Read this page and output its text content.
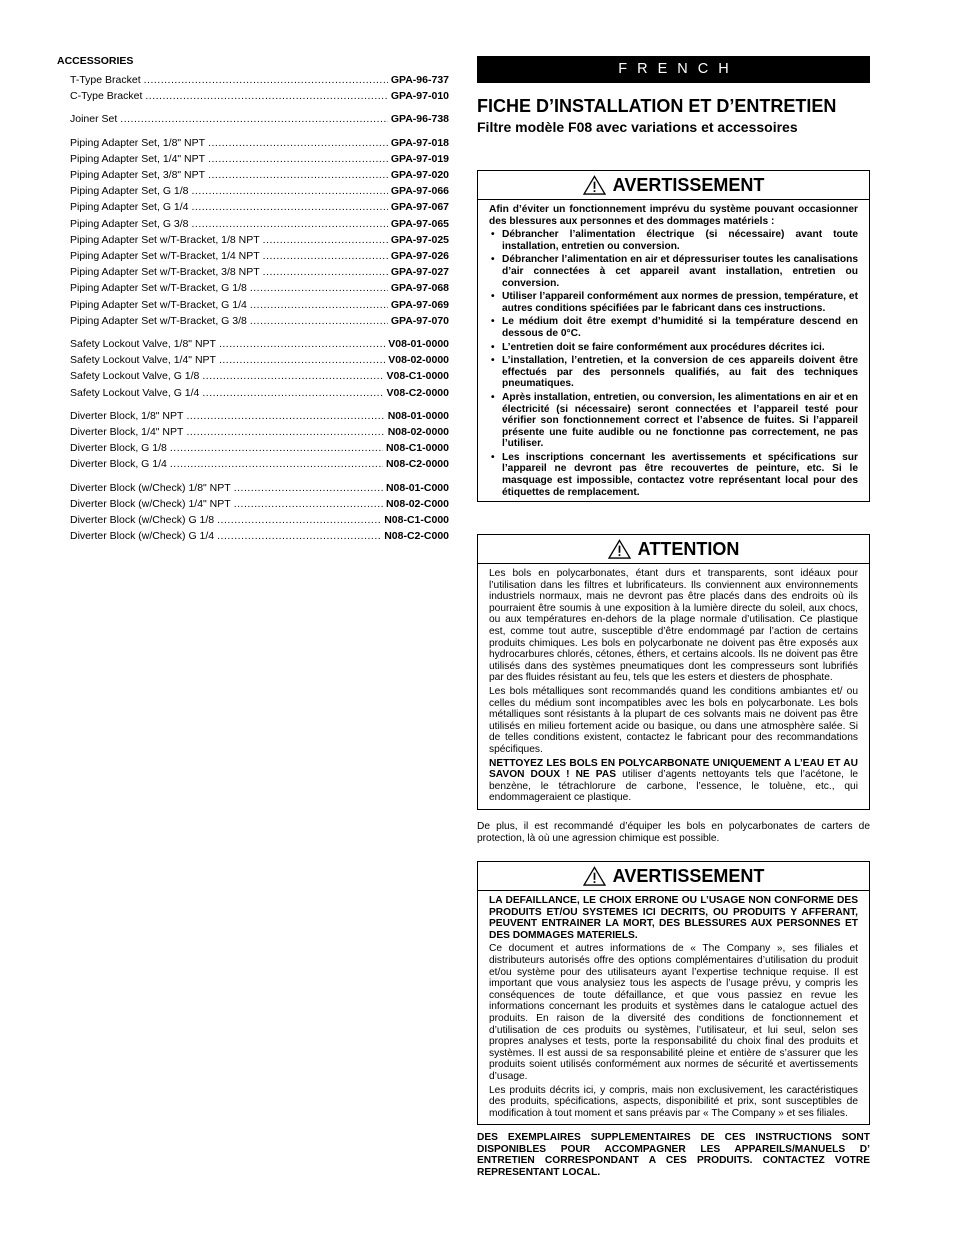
ACCESSORIES
T-Type Bracket .....	GPA-96-737
C-Type Bracket .....	GPA-97-010
Joiner Set .....	GPA-96-738
Piping Adapter Set, 1/8" NPT .....	GPA-97-018
Piping Adapter Set, 1/4" NPT .....	GPA-97-019
Piping Adapter Set, 3/8" NPT .....	GPA-97-020
Piping Adapter Set, G 1/8 .....	GPA-97-066
Piping Adapter Set, G 1/4 .....	GPA-97-067
Piping Adapter Set, G 3/8 .....	GPA-97-065
Piping Adapter Set w/T-Bracket, 1/8 NPT .....	GPA-97-025
Piping Adapter Set w/T-Bracket, 1/4 NPT .....	GPA-97-026
Piping Adapter Set w/T-Bracket, 3/8 NPT .....	GPA-97-027
Piping Adapter Set w/T-Bracket, G 1/8 .....	GPA-97-068
Piping Adapter Set w/T-Bracket, G 1/4 .....	GPA-97-069
Piping Adapter Set w/T-Bracket, G 3/8 .....	GPA-97-070
Safety Lockout Valve, 1/8" NPT .....	V08-01-0000
Safety Lockout Valve, 1/4" NPT .....	V08-02-0000
Safety Lockout Valve, G 1/8 .....	V08-C1-0000
Safety Lockout Valve, G 1/4 .....	V08-C2-0000
Diverter Block, 1/8" NPT .....	N08-01-0000
Diverter Block, 1/4" NPT .....	N08-02-0000
Diverter Block, G 1/8 .....	N08-C1-0000
Diverter Block, G 1/4 .....	N08-C2-0000
Diverter Block (w/Check) 1/8" NPT .....	N08-01-C000
Diverter Block (w/Check) 1/4" NPT .....	N08-02-C000
Diverter Block (w/Check) G 1/8 .....	N08-C1-C000
Diverter Block (w/Check) G 1/4 .....	N08-C2-C000
FRENCH
FICHE D’INSTALLATION ET D’ENTRETIEN
Filtre modèle F08 avec variations et accessoires
AVERTISSEMENT

Afin d’éviter un fonctionnement imprévu du système pouvant occasionner des blessures aux personnes et des dommages matériels :

• Débrancher l’alimentation électrique (si nécessaire) avant toute installation, entretien ou conversion.
• Débrancher l’alimentation en air et dépressuriser toutes les canalisations d’air connectées à cet appareil avant installation, entretien ou conversion.
• Utiliser l’appareil conformément aux normes de pression, température, et autres conditions spécifiées par le fabricant dans ces instructions.
• Le médium doit être exempt d’humidité si la température descend en dessous de 0°C.
• L’entretien doit se faire conformément aux procédures décrites ici.
• L’installation, l’entretien, et la conversion de ces appareils doivent être effectués par des personnels qualifiés, au fait des techniques pneumatiques.
• Après installation, entretien, ou conversion, les alimentations en air et en électricité (si nécessaire) seront connectées et l’appareil testé pour vérifier son fonctionnement correct et l’absence de fuites. Si l’appareil présente une fuite audible ou ne fonctionne pas correctement, ne pas l’utiliser.
• Les inscriptions concernant les avertissements et spécifications sur l’appareil ne devront pas être recouvertes de peinture, etc. Si le masquage est impossible, contactez votre représentant local pour des étiquettes de remplacement.
ATTENTION

Les bols en polycarbonates, étant durs et transparents, sont idéaux pour l’utilisation dans les filtres et lubrificateurs. Ils conviennent aux environnements industriels normaux, mais ne devront pas être placés dans des endroits où ils pourraient être soumis à une exposition à la lumière directe du soleil, aux chocs, ou aux températures en-dehors de la plage normale d’utilisation. Ce plastique est, comme tout autre, susceptible d’être endommagé par l’action de certains produits chimiques. Les bols en polycarbonate ne doivent pas être exposés aux hydrocarbures chlorés, cétones, éthers, et certains alcools. Ils ne doivent pas être utilisés dans des systèmes pneumatiques dont les compresseurs sont lubrifiés par des fluides résistant au feu, tels que les esters et diesters de phosphate.

Les bols métalliques sont recommandés quand les conditions ambiantes et/ ou celles du médium sont incompatibles avec les bols en polycarbonate. Les bols métalliques sont résistants à la plupart de ces solvants mais ne doivent pas être utilisés en milieu fortement acide ou basique, ou dans une atmosphère salée. Si de telles conditions existent, contactez le fabricant pour des recommandations spécifiques.

NETTOYEZ LES BOLS EN POLYCARBONATE UNIQUEMENT A L’EAU ET AU SAVON DOUX ! NE PAS utiliser d’agents nettoyants tels que l’acétone, le benzène, le tétrachlorure de carbone, l’essence, le toluène, etc., qui endommageraient ce plastique.

De plus, il est recommandé d’équiper les bols en polycarbonates de carters de protection, là où une agression chimique est possible.
AVERTISSEMENT

LA DEFAILLANCE, LE CHOIX ERRONE OU L’USAGE NON CONFORME DES PRODUITS ET/OU SYSTEMES ICI DECRITS, OU PRODUITS Y AFFERANT, PEUVENT ENTRAINER LA MORT, DES BLESSURES AUX PERSONNES ET DES DOMMAGES MATERIELS.

Ce document et autres informations de « The Company », ses filiales et distributeurs autorisés offre des options complémentaires d’utilisation du produit et/ou système pour des utilisateurs ayant l’expertise technique requise. Il est important que vous analysiez tous les aspects de l’usage prévu, y compris les conséquences de toute défaillance, et que vous passiez en revue les informations concernant les produits et systèmes dans le catalogue actuel des produits. En raison de la diversité des conditions de fonctionnement et d’utilisation de ces produits ou systèmes, l’utilisateur, et lui seul, selon ses propres analyses et tests, porte la responsabilité du choix final des produits et systèmes. Il est aussi de sa responsabilité pleine et entière de s’assurer que les produits soient utilisés conformément aux normes de sécurité et avertissements d’usage.

Les produits décrits ici, y compris, mais non exclusivement, les caractéristiques des produits, spécifications, aspects, disponibilité et prix, sont susceptibles de modification à tout moment et sans préavis par « The Company » et ses filiales.

DES EXEMPLAIRES SUPPLEMENTAIRES DE CES INSTRUCTIONS SONT DISPONIBLES POUR ACCOMPAGNER LES APPAREILS/MANUELS D’ ENTRETIEN CORRESPONDANT A CES PRODUITS. CONTACTEZ VOTRE REPRESENTANT LOCAL.
